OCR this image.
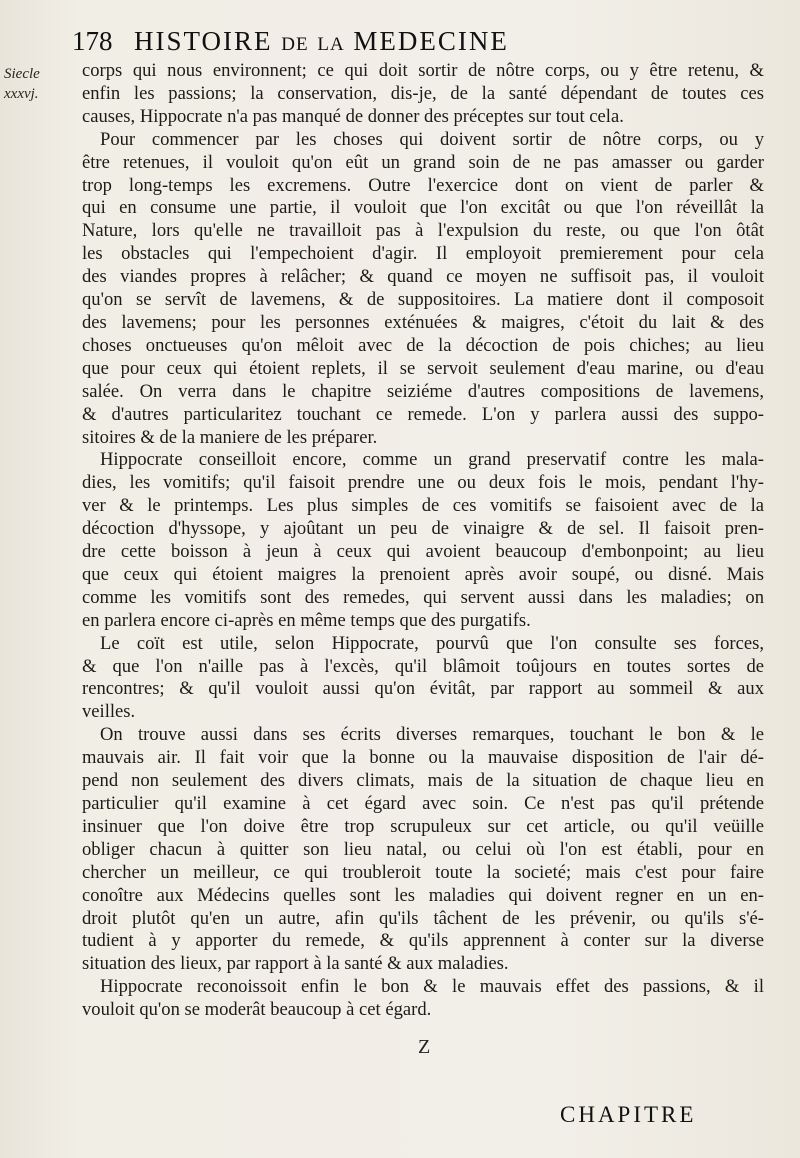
178 HISTOIRE DE LA MEDECINE
Siecle
xxxvj.
corps qui nous environnent; ce qui doit sortir de nôtre corps, ou y être retenu, &
enfin les passions; la conservation, dis-je, de la santé dépendant de toutes ces
causes, Hippocrate n'a pas manqué de donner des préceptes sur tout cela.
Pour commencer par les choses qui doivent sortir de nôtre corps, ou y
être retenues, il vouloit qu'on eût un grand soin de ne pas amasser ou garder
trop long-temps les excremens. Outre l'exercice dont on vient de parler &
qui en consume une partie, il vouloit que l'on excitât ou que l'on réveillât la
Nature, lors qu'elle ne travailloit pas à l'expulsion du reste, ou que l'on ôtât
les obstacles qui l'empechoient d'agir. Il employoit premierement pour cela
des viandes propres à relâcher; & quand ce moyen ne suffisoit pas, il vouloit
qu'on se servît de lavemens, & de suppositoires. La matiere dont il composoit
des lavemens; pour les personnes exténuées & maigres, c'étoit du lait & des
choses onctueuses qu'on mêloit avec de la décoction de pois chiches; au lieu
que pour ceux qui étoient replets, il se servoit seulement d'eau marine, ou d'eau
salée. On verra dans le chapitre seiziéme d'autres compositions de lavemens,
& d'autres particularitez touchant ce remede. L'on y parlera aussi des suppo-
sitoires & de la maniere de les préparer.
Hippocrate conseilloit encore, comme un grand preservatif contre les mala-
dies, les vomitifs; qu'il faisoit prendre une ou deux fois le mois, pendant l'hy-
ver & le printemps. Les plus simples de ces vomitifs se faisoient avec de la
décoction d'hyssope, y ajoûtant un peu de vinaigre & de sel. Il faisoit pren-
dre cette boisson à jeun à ceux qui avoient beaucoup d'embonpoint; au lieu
que ceux qui étoient maigres la prenoient après avoir soupé, ou disné. Mais
comme les vomitifs sont des remedes, qui servent aussi dans les maladies; on
en parlera encore ci-après en même temps que des purgatifs.
Le coït est utile, selon Hippocrate, pourvû que l'on consulte ses forces,
& que l'on n'aille pas à l'excès, qu'il blâmoit toûjours en toutes sortes de
rencontres; & qu'il vouloit aussi qu'on évitât, par rapport au sommeil & aux
veilles.
On trouve aussi dans ses écrits diverses remarques, touchant le bon & le
mauvais air. Il fait voir que la bonne ou la mauvaise disposition de l'air dé-
pend non seulement des divers climats, mais de la situation de chaque lieu en
particulier qu'il examine à cet égard avec soin. Ce n'est pas qu'il prétende
insinuer que l'on doive être trop scrupuleux sur cet article, ou qu'il veüille
obliger chacun à quitter son lieu natal, ou celui où l'on est établi, pour en
chercher un meilleur, ce qui troubleroit toute la societé; mais c'est pour faire
conoître aux Médecins quelles sont les maladies qui doivent regner en un en-
droit plutôt qu'en un autre, afin qu'ils tâchent de les prévenir, ou qu'ils s'é-
tudient à y apporter du remede, & qu'ils apprennent à conter sur la diverse
situation des lieux, par rapport à la santé & aux maladies.
Hippocrate reconoissoit enfin le bon & le mauvais effet des passions, & il
vouloit qu'on se moderât beaucoup à cet égard.
Z
CHAPITRE
